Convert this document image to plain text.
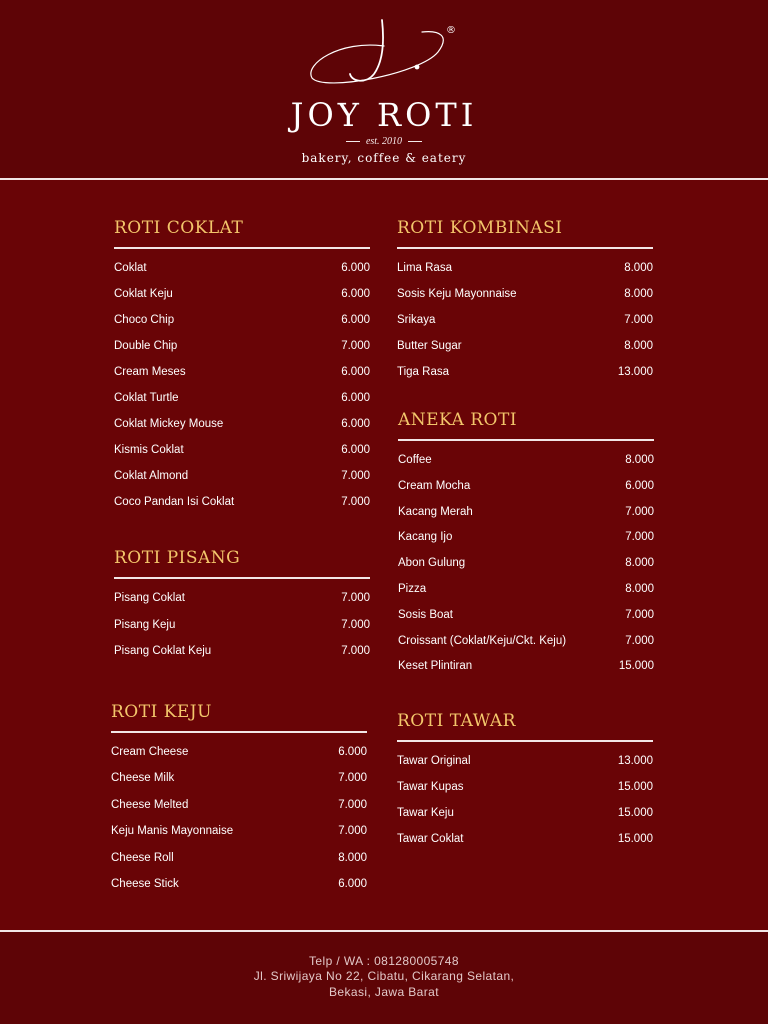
®
JOY ROTI
est. 2010
bakery, coffee & eatery
ROTI COKLAT
Coklat	6.000
Coklat Keju	6.000
Choco Chip	6.000
Double Chip	7.000
Cream Meses	6.000
Coklat Turtle	6.000
Coklat Mickey Mouse	6.000
Kismis Coklat	6.000
Coklat Almond	7.000
Coco Pandan Isi Coklat	7.000
ROTI PISANG
Pisang Coklat	7.000
Pisang Keju	7.000
Pisang Coklat Keju	7.000
ROTI KEJU
Cream Cheese	6.000
Cheese Milk	7.000
Cheese Melted	7.000
Keju Manis Mayonnaise	7.000
Cheese Roll	8.000
Cheese Stick	6.000
ROTI KOMBINASI
Lima Rasa	8.000
Sosis Keju Mayonnaise	8.000
Srikaya	7.000
Butter Sugar	8.000
Tiga Rasa	13.000
ANEKA ROTI
Coffee	8.000
Cream Mocha	6.000
Kacang Merah	7.000
Kacang Ijo	7.000
Abon Gulung	8.000
Pizza	8.000
Sosis Boat	7.000
Croissant (Coklat/Keju/Ckt. Keju)	7.000
Keset Plintiran	15.000
ROTI TAWAR
Tawar Original	13.000
Tawar Kupas	15.000
Tawar Keju	15.000
Tawar Coklat	15.000
Telp / WA : 081280005748
Jl. Sriwijaya No 22, Cibatu, Cikarang Selatan,
Bekasi, Jawa Barat
